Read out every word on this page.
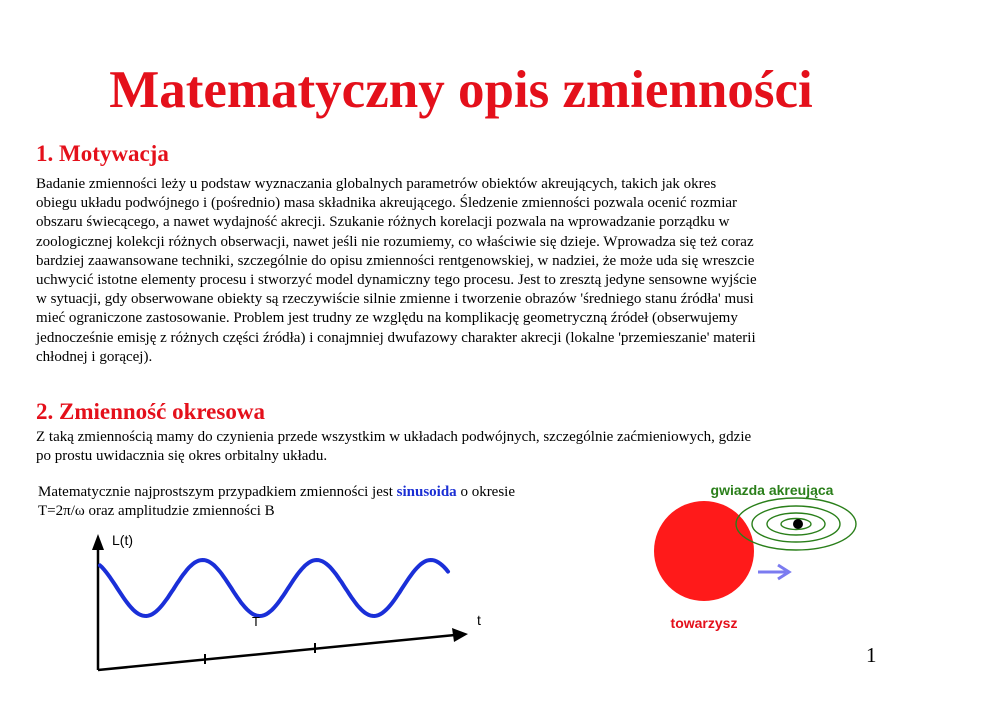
Matematyczny opis zmienności
1. Motywacja

Badanie zmienności leży u podstaw wyznaczania globalnych parametrów obiektów akreujących, takich jak okres
obiegu układu podwójnego i (pośrednio) masa składnika akreującego. Śledzenie zmienności pozwala ocenić rozmiar
obszaru świecącego, a nawet wydajność akrecji. Szukanie różnych korelacji pozwala na wprowadzanie porządku w
zoologicznej kolekcji różnych obserwacji, nawet jeśli nie rozumiemy, co właściwie się dzieje. Wprowadza się też coraz
bardziej zaawansowane techniki, szczególnie do opisu zmienności rentgenowskiej, w nadziei, że może uda się wreszcie
uchwycić istotne elementy procesu i stworzyć model dynamiczny tego procesu. Jest to zresztą jedyne sensowne wyjście
w sytuacji, gdy obserwowane obiekty są rzeczywiście silnie zmienne i tworzenie obrazów 'średniego stanu źródła' musi
mieć ograniczone zastosowanie. Problem jest trudny ze względu na komplikację geometryczną źródeł (obserwujemy
jednocześnie emisję z różnych części źródła) i conajmniej dwufazowy charakter akrecji (lokalne 'przemieszanie' materii
chłodnej i gorącej).

2. Zmienność okresowa

Z taką zmiennością mamy do czynienia przede wszystkim w układach podwójnych, szczególnie zaćmieniowych, gdzie
po prostu uwidacznia się okres orbitalny układu.

Matematycznie najprostszym przypadkiem zmienności jest sinusoida o okresie
T=2π/ω oraz amplitudzie zmienności B

L(t)
t
T
gwiazda akreująca
towarzysz
1
